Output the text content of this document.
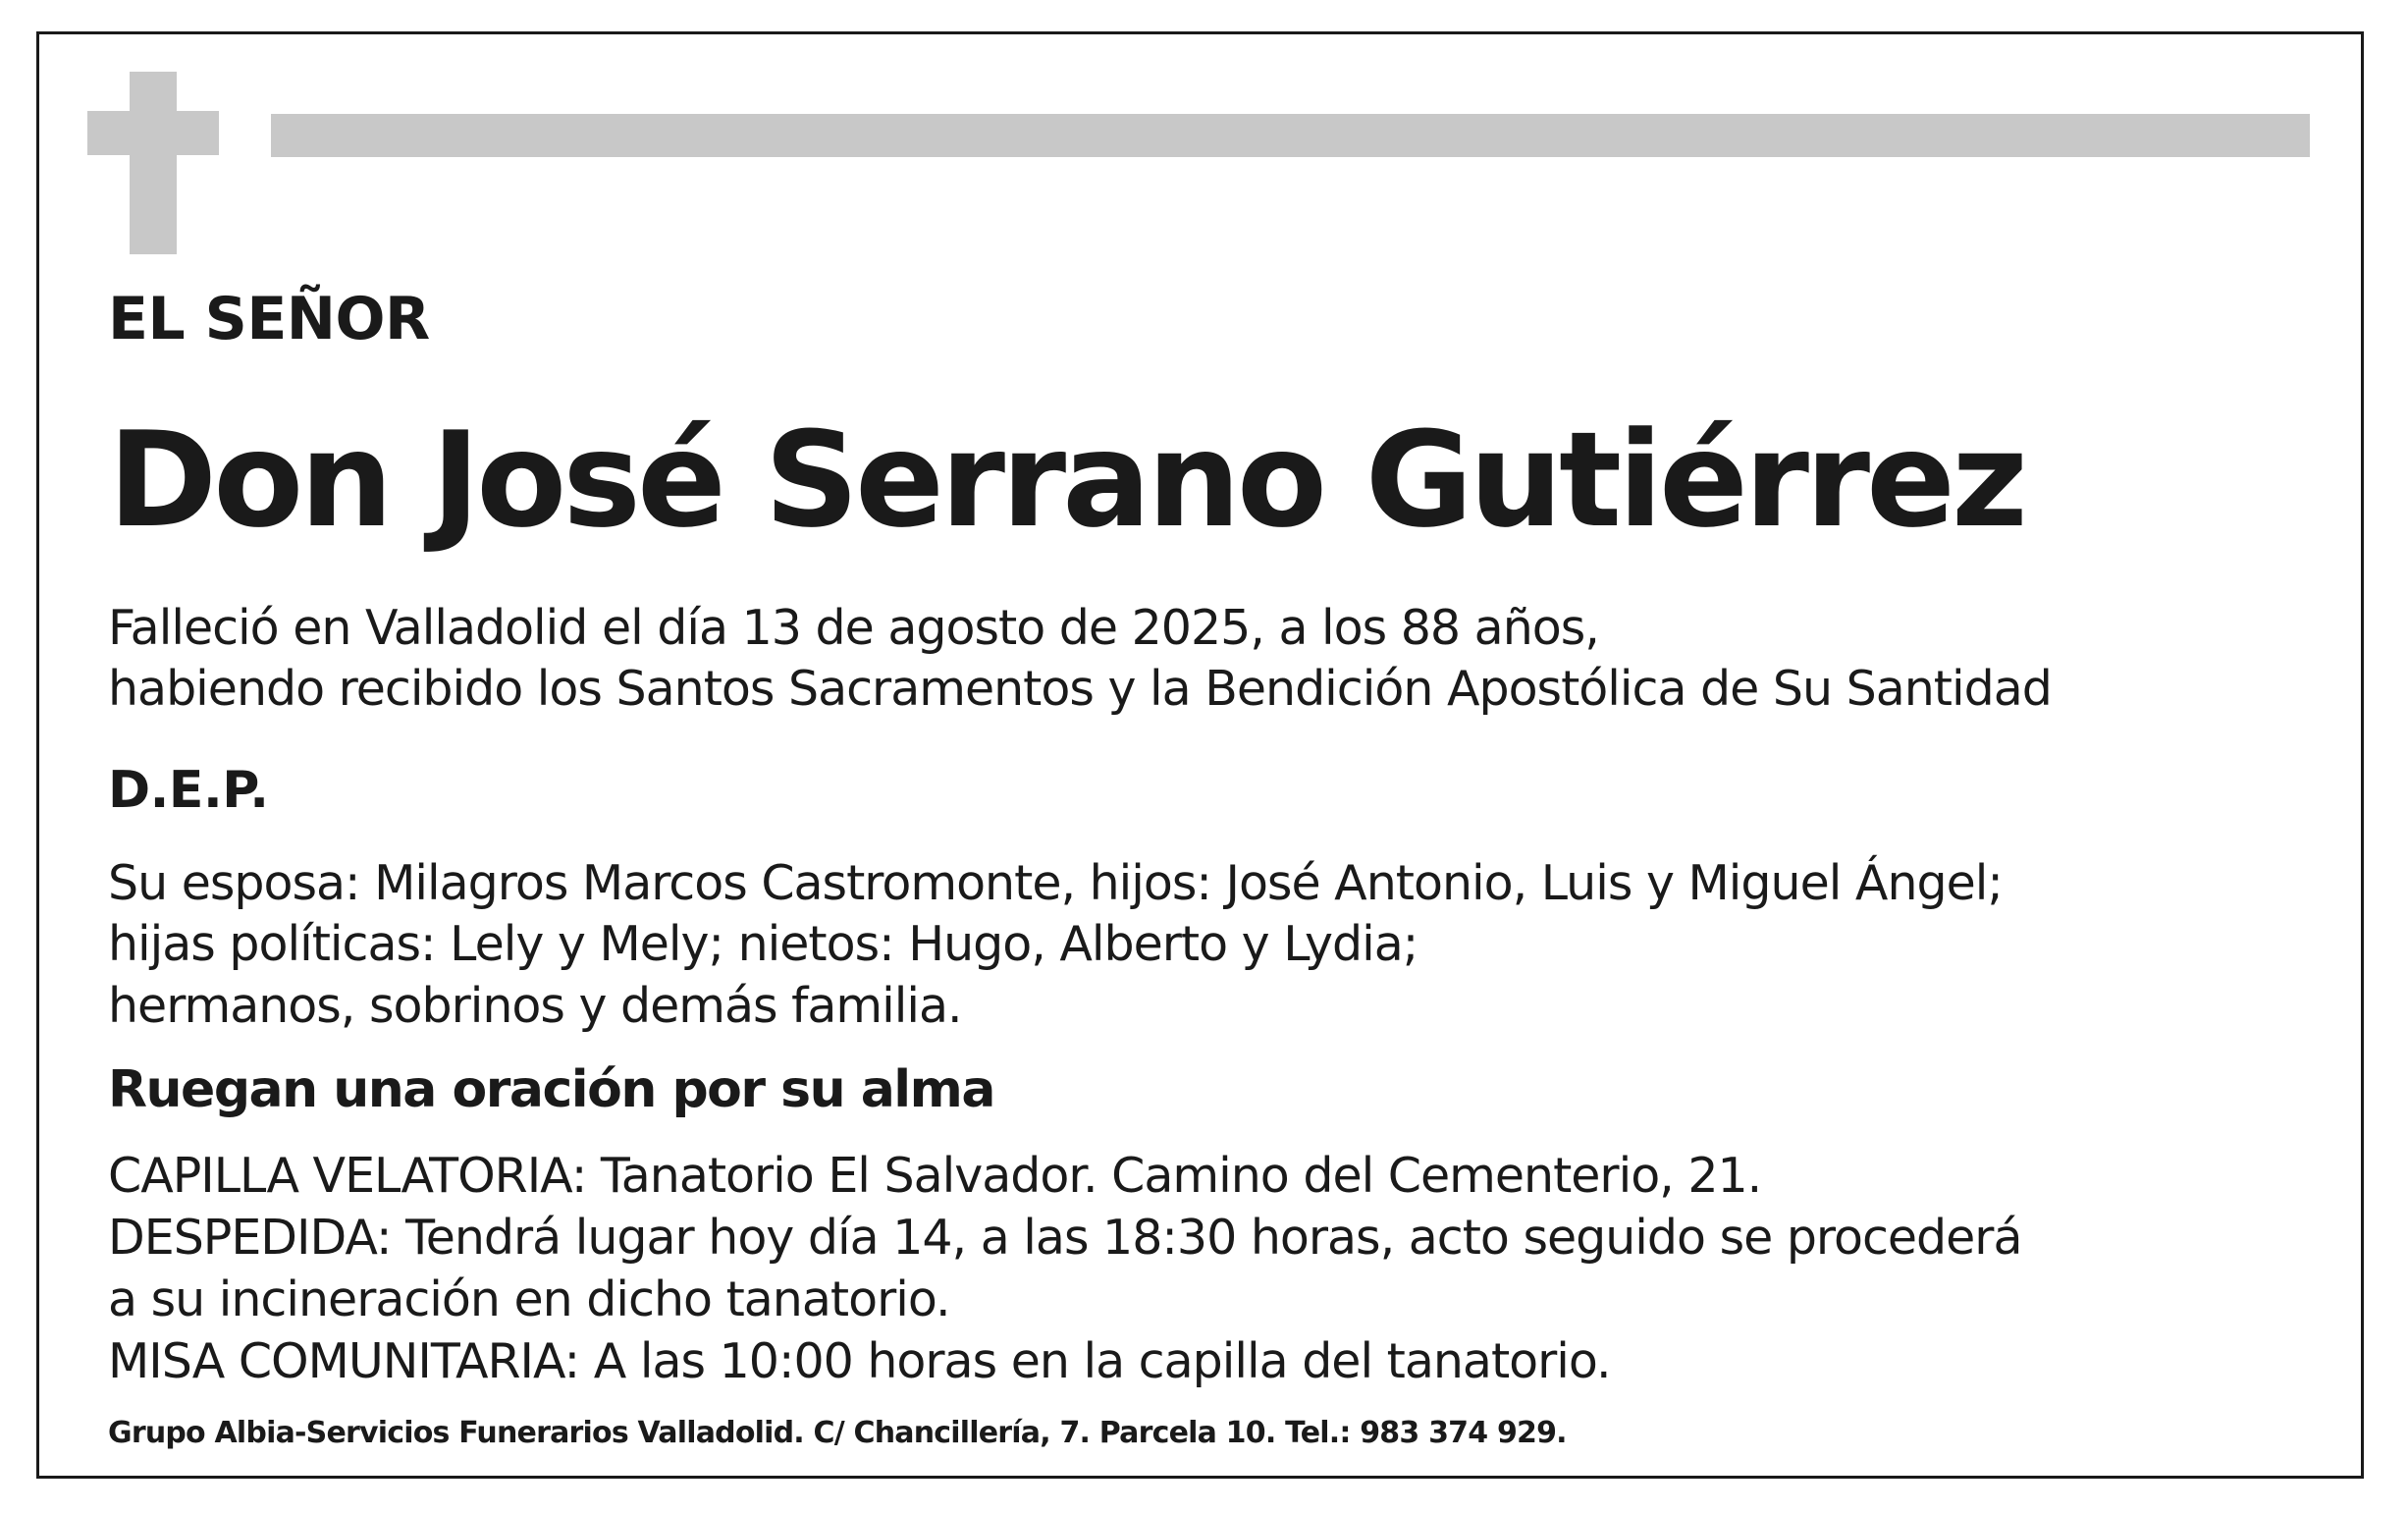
EL SEÑOR

Don José Serrano Gutiérrez

Falleció en Valladolid el día 13 de agosto de 2025, a los 88 años,

habiendo recibido los Santos Sacramentos y la Bendición Apostólica de Su Santidad

D.E.P.

Su esposa: Milagros Marcos Castromonte, hijos: José Antonio, Luis y Miguel Ángel;

hijas políticas: Lely y Mely; nietos: Hugo, Alberto y Lydia;

hermanos, sobrinos y demás familia.

Ruegan una oración por su alma

CAPILLA VELATORIA: Tanatorio El Salvador. Camino del Cementerio, 21.

DESPEDIDA: Tendrá lugar hoy día 14, a las 18:30 horas, acto seguido se procederá

a su incineración en dicho tanatorio.

MISA COMUNITARIA: A las 10:00 horas en la capilla del tanatorio.

Grupo Albia-Servicios Funerarios Valladolid. C/ Chancillería, 7. Parcela 10. Tel.: 983 374 929.
